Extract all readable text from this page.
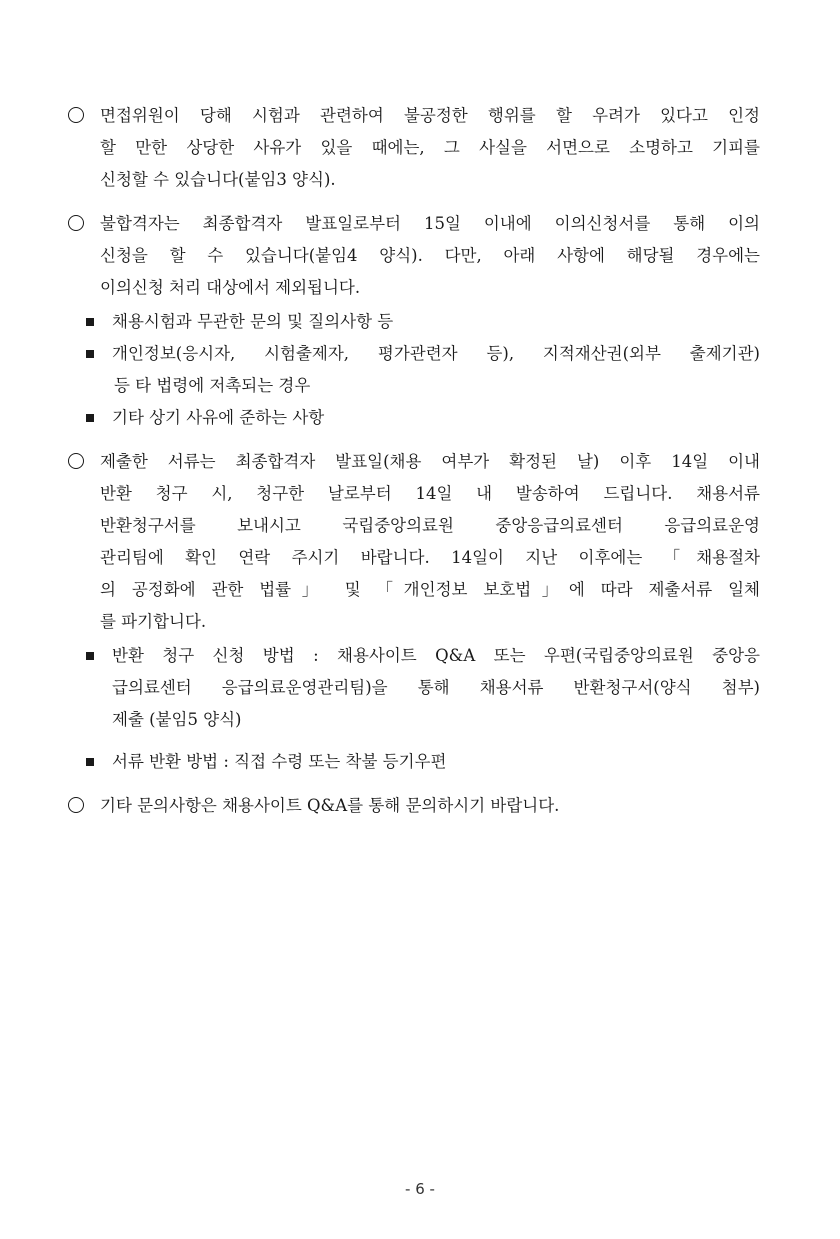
면접위원이 당해 시험과 관련하여 불공정한 행위를 할 우려가 있다고 인정
할 만한 상당한 사유가 있을 때에는, 그 사실을 서면으로 소명하고 기피를
신청할 수 있습니다(붙임3 양식).
불합격자는 최종합격자 발표일로부터 15일 이내에 이의신청서를 통해 이의
신청을 할 수 있습니다(붙임4 양식). 다만, 아래 사항에 해당될 경우에는
이의신청 처리 대상에서 제외됩니다.
채용시험과 무관한 문의 및 질의사항 등
개인정보(응시자, 시험출제자, 평가관련자 등), 지적재산권(외부 출제기관)
등 타 법령에 저촉되는 경우
기타 상기 사유에 준하는 사항
제출한 서류는 최종합격자 발표일(채용 여부가 확정된 날) 이후 14일 이내
반환 청구 시, 청구한 날로부터 14일 내 발송하여 드립니다. 채용서류
반환청구서를 보내시고 국립중앙의료원 중앙응급의료센터 응급의료운영
관리팀에 확인 연락 주시기 바랍니다. 14일이 지난 이후에는 「채용절차
의 공정화에 관한 법률」 및 「개인정보 보호법」에 따라 제출서류 일체
를 파기합니다.
반환 청구 신청 방법 : 채용사이트 Q&A 또는 우편(국립중앙의료원 중앙응
급의료센터 응급의료운영관리팀)을 통해 채용서류 반환청구서(양식 첨부)
제출 (붙임5 양식)
서류 반환 방법 : 직접 수령 또는 착불 등기우편
기타 문의사항은 채용사이트 Q&A를 통해 문의하시기 바랍니다.
- 6 -
